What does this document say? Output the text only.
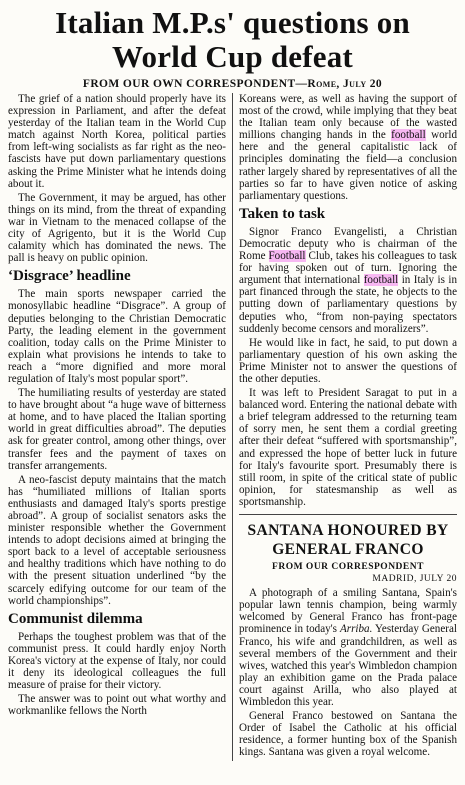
Italian M.P.s' questions on
World Cup defeat
FROM OUR OWN CORRESPONDENT—Rome, July 20

The grief of a nation should properly have its expression in Parliament, and after the defeat yesterday of the Italian team in the World Cup match against North Korea, political parties from left-wing socialists as far right as the neo-fascists have put down parliamentary questions asking the Prime Minister what he intends doing about it.

The Government, it may be argued, has other things on its mind, from the threat of expanding war in Vietnam to the menaced collapse of the city of Agrigento, but it is the World Cup calamity which has dominated the news. The pall is heavy on public opinion.

‘Disgrace’ headline

The main sports newspaper carried the monosyllabic headline “Disgrace”. A group of deputies belonging to the Christian Democratic Party, the leading element in the government coalition, today calls on the Prime Minister to explain what provisions he intends to take to reach a “more dignified and more moral regulation of Italy's most popular sport”.

The humiliating results of yesterday are stated to have brought about “a huge wave of bitterness at home, and to have placed the Italian sporting world in great difficulties abroad”. The deputies ask for greater control, among other things, over transfer fees and the payment of taxes on transfer arrangements.

A neo-fascist deputy maintains that the match has “humiliated millions of Italian sports enthusiasts and damaged Italy's sports prestige abroad”. A group of socialist senators asks the minister responsible whether the Government intends to adopt decisions aimed at bringing the sport back to a level of acceptable seriousness and healthy traditions which have nothing to do with the present situation underlined “by the scarcely edifying outcome for our team of the world championships”.

Communist dilemma

Perhaps the toughest problem was that of the communist press. It could hardly enjoy North Korea's victory at the expense of Italy, nor could it deny its ideological colleagues the full measure of praise for their victory.

The answer was to point out what worthy and workmanlike fellows the North

Koreans were, as well as having the support of most of the crowd, while implying that they beat the Italian team only because of the wasted millions changing hands in the football world here and the general capitalistic lack of principles dominating the field—a conclusion rather largely shared by representatives of all the parties so far to have given notice of asking parliamentary questions.

Taken to task

Signor Franco Evangelisti, a Christian Democratic deputy who is chairman of the Rome Football Club, takes his colleagues to task for having spoken out of turn. Ignoring the argument that international football in Italy is in part financed through the state, he objects to the putting down of parliamentary questions by deputies who, “from non-paying spectators suddenly become censors and moralizers”.

He would like in fact, he said, to put down a parliamentary question of his own asking the Prime Minister not to answer the questions of the other deputies.

It was left to President Saragat to put in a balanced word. Entering the national debate with a brief telegram addressed to the returning team of sorry men, he sent them a cordial greeting after their defeat “suffered with sportsmanship”, and expressed the hope of better luck in future for Italy's favourite sport. Presumably there is still room, in spite of the critical state of public opinion, for statesmanship as well as sportsmanship.

SANTANA HONOURED BY
GENERAL FRANCO
FROM OUR CORRESPONDENT
MADRID, JULY 20

A photograph of a smiling Santana, Spain's popular lawn tennis champion, being warmly welcomed by General Franco has front-page prominence in today's Arriba. Yesterday General Franco, his wife and grandchildren, as well as several members of the Government and their wives, watched this year's Wimbledon champion play an exhibition game on the Prada palace court against Arilla, who also played at Wimbledon this year.

General Franco bestowed on Santana the Order of Isabel the Catholic at his official residence, a former hunting box of the Spanish kings. Santana was given a royal welcome.
